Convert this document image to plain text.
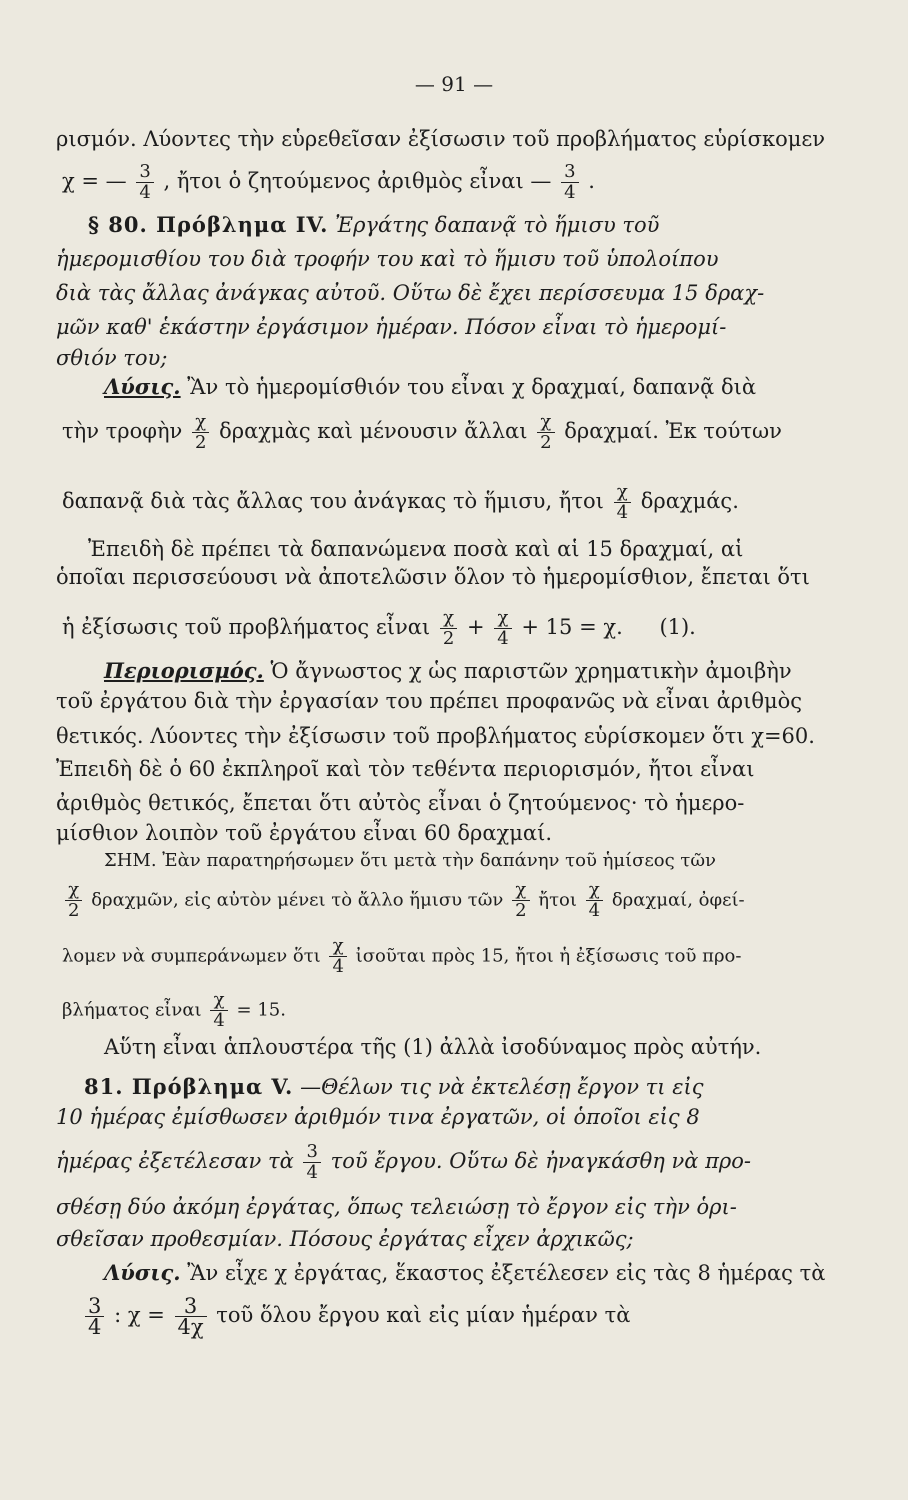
— 91 —
ρισμόν. Λύοντες τὴν εὑρεθεῖσαν ἐξίσωσιν τοῦ προβλήματος εὑρίσκομεν
χ = — $\frac{3}{4}$ , ἤτοι ὁ ζητούμενος ἀριθμὸς εἶναι — $\frac{3}{4}$ .
§ 80. Πρόβλημα IV. Ἐργάτης δαπανᾷ τὸ ἥμισυ τοῦ
ἡμερομισθίου του διὰ τροφήν του καὶ τὸ ἥμισυ τοῦ ὑπολοίπου
διὰ τὰς ἄλλας ἀνάγκας αὐτοῦ. Οὕτω δὲ ἔχει περίσσευμα 15 δραχ-
μῶν καθ' ἑκάστην ἐργάσιμον ἡμέραν. Πόσον εἶναι τὸ ἡμερομί-
σθιόν του;
Λύσις. Ἂν τὸ ἡμερομίσθιόν του εἶναι χ δραχμαί, δαπανᾷ διὰ
τὴν τροφὴν $\frac{\chi}{2}$ δραχμὰς καὶ μένουσιν ἄλλαι $\frac{\chi}{2} \delta\rho\alpha\chi\mu\alpha ί$. Ἐκ τούτων
δαπανᾷ διὰ τὰς ἄλλας του ἀνάγκας τὸ ἥμισυ, ἤτοι $\frac{\chi}{4} \delta\rho\alpha\chi\mu ά\varsigma$.
Ἐπειδὴ δὲ πρέπει τὰ δαπανώμενα ποσὰ καὶ αἱ 15 δραχμαί, αἱ
ὁποῖαι περισσεύουσι νὰ ἀποτελῶσιν ὅλον τὸ ἡμερομίσθιον, ἔπεται ὅτι
ἡ ἐξίσωσις τοῦ προβλήματος εἶναι $\frac{\chi}{2} + \frac{\chi}{4} + 15 = \chi$. (1).
Περιορισμός. Ὁ ἄγνωστος χ ὡς παριστῶν χρηματικὴν ἀμοιβὴν
τοῦ ἐργάτου διὰ τὴν ἐργασίαν του πρέπει προφανῶς νὰ εἶναι ἀριθμὸς
θετικός. Λύοντες τὴν ἐξίσωσιν τοῦ προβλήματος εὑρίσκομεν ὅτι χ=60.
Ἐπειδὴ δὲ ὁ 60 ἐκπληροῖ καὶ τὸν τεθέντα περιορισμόν, ἤτοι εἶναι
ἀριθμὸς θετικός, ἔπεται ὅτι αὐτὸς εἶναι ὁ ζητούμενος· τὸ ἡμερο-
μίσθιον λοιπὸν τοῦ ἐργάτου εἶναι 60 δραχμαί.
ΣΗΜ. Ἐὰν παρατηρήσωμεν ὅτι μετὰ τὴν δαπάνην τοῦ ἡμίσεος τῶν
$\frac{\chi}{2}$ δραχμῶν, εἰς αὐτὸν μένει τὸ ἄλλο ἥμισυ τῶν $\frac{\chi}{2}$ ἤτοι $\frac{\chi}{4} \delta\rho\alpha\chi\mu\alpha ί$, ὀφεί-
λομεν νὰ συμπεράνωμεν ὅτι $\frac{\chi}{4}$ ἰσοῦται πρὸς 15, ἤτοι ἡ ἐξίσωσις τοῦ προ-
βλήματος εἶναι $\frac{\chi}{4} = 15$.
Αὕτη εἶναι ἁπλουστέρα τῆς (1) ἀλλὰ ἰσοδύναμος πρὸς αὐτήν.
81. Πρόβλημα V. —Θέλων τις νὰ ἐκτελέσῃ ἔργον τι εἰς
10 ἡμέρας ἐμίσθωσεν ἀριθμόν τινα ἐργατῶν, οἱ ὁποῖοι εἰς 8
ἡμέρας ἐξετέλεσαν τὰ $\frac{3}{4}$ τοῦ ἔργου. Οὕτω δὲ ἠναγκάσθη νὰ προ-
σθέσῃ δύο ἀκόμη ἐργάτας, ὅπως τελειώσῃ τὸ ἔργον εἰς τὴν ὁρι-
σθεῖσαν προθεσμίαν. Πόσους ἐργάτας εἶχεν ἀρχικῶς;
Λύσις. Ἂν εἶχε χ ἐργάτας, ἕκαστος ἐξετέλεσεν εἰς τὰς 8 ἡμέρας τὰ
$\frac{3}{4}$ : $\chi = \frac{3}{4\chi}$ τοῦ ὅλου ἔργου καὶ εἰς μίαν ἡμέραν τὰ
